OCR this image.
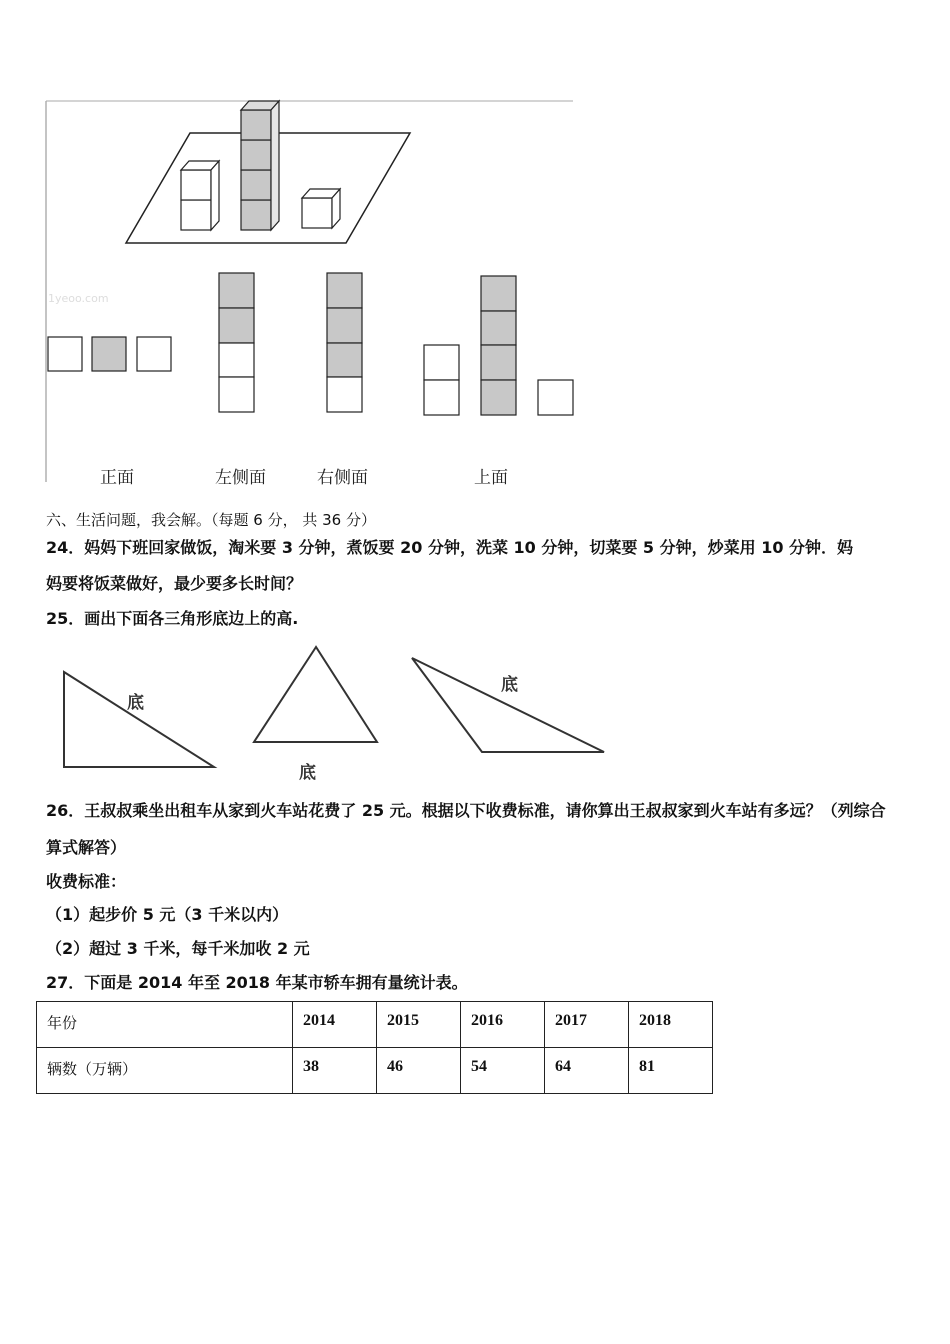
1yeoo.com
正面	左侧面	右侧面	上面
六、生活问题，我会解。（每题 6 分， 共 36 分）
24．妈妈下班回家做饭，淘米要 3 分钟，煮饭要 20 分钟，洗菜 10 分钟，切菜要 5 分钟，炒菜用 10 分钟．妈
妈要将饭菜做好，最少要多长时间？
25．画出下面各三角形底边上的高.
底
底
底
26．王叔叔乘坐出租车从家到火车站花费了 25 元。根据以下收费标准，请你算出王叔叔家到火车站有多远？（列综合
算式解答）
收费标准：
（1）起步价 5 元（3 千米以内）
（2）超过 3 千米，每千米加收 2 元
27．下面是 2014 年至 2018 年某市轿车拥有量统计表。
年份	2014	2015	2016	2017	2018
辆数（万辆）	38	46	54	64	81
